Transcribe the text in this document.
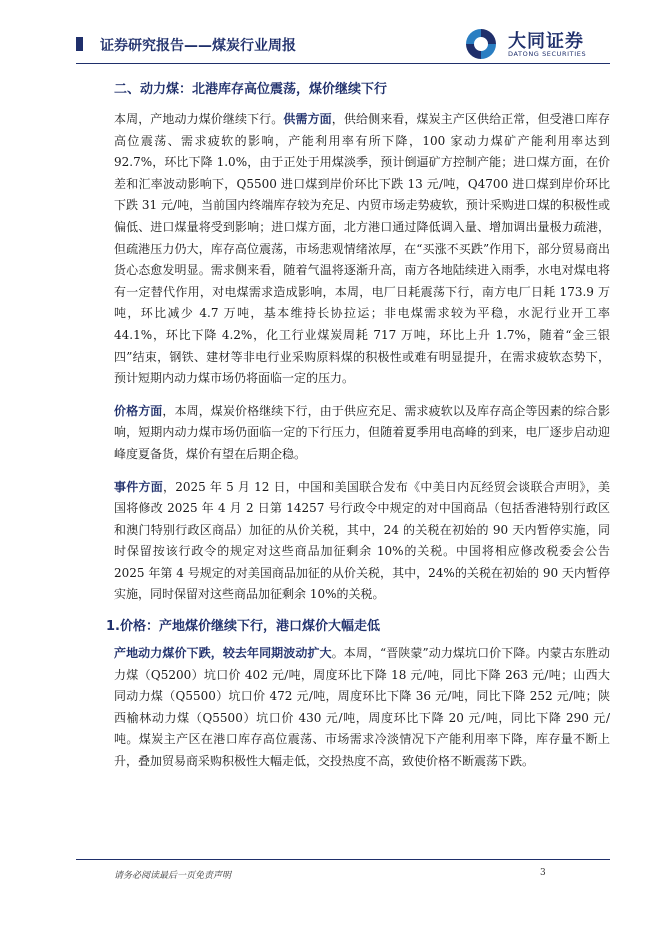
证券研究报告——煤炭行业周报	大同证券
DATONG SECURITIES
二、动力煤：北港库存高位震荡，煤价继续下行

本周，产地动力煤价继续下行。供需方面，供给侧来看，煤炭主产区供给正常，但受港口库存高位震荡、需求疲软的影响，产能利用率有所下降，100 家动力煤矿产能利用率达到 92.7%，环比下降 1.0%，由于正处于用煤淡季，预计倒逼矿方控制产能；进口煤方面，在价差和汇率波动影响下，Q5500 进口煤到岸价环比下跌 13 元/吨，Q4700 进口煤到岸价环比下跌 31 元/吨，当前国内终端库存较为充足、内贸市场走势疲软，预计采购进口煤的积极性或偏低、进口煤量将受到影响；进口煤方面，北方港口通过降低调入量、增加调出量极力疏港，但疏港压力仍大，库存高位震荡，市场悲观情绪浓厚，在“买涨不买跌”作用下，部分贸易商出货心态愈发明显。需求侧来看，随着气温将逐渐升高，南方各地陆续进入雨季，水电对煤电将有一定替代作用，对电煤需求造成影响，本周，电厂日耗震荡下行，南方电厂日耗 173.9 万吨，环比减少 4.7 万吨，基本维持长协拉运；非电煤需求较为平稳，水泥行业开工率 44.1%，环比下降 4.2%，化工行业煤炭周耗 717 万吨，环比上升 1.7%，随着“金三银四”结束，钢铁、建材等非电行业采购原料煤的积极性或难有明显提升，在需求疲软态势下，预计短期内动力煤市场仍将面临一定的压力。

价格方面，本周，煤炭价格继续下行，由于供应充足、需求疲软以及库存高企等因素的综合影响，短期内动力煤市场仍面临一定的下行压力，但随着夏季用电高峰的到来，电厂逐步启动迎峰度夏备货，煤价有望在后期企稳。

事件方面，2025 年 5 月 12 日，中国和美国联合发布《中美日内瓦经贸会谈联合声明》，美国将修改 2025 年 4 月 2 日第 14257 号行政令中规定的对中国商品（包括香港特别行政区和澳门特别行政区商品）加征的从价关税，其中，24 的关税在初始的 90 天内暂停实施，同时保留按该行政令的规定对这些商品加征剩余 10%的关税。中国将相应修改税委会公告 2025 年第 4 号规定的对美国商品加征的从价关税，其中，24%的关税在初始的 90 天内暂停实施，同时保留对这些商品加征剩余 10%的关税。

1.价格：产地煤价继续下行，港口煤价大幅走低

产地动力煤价下跌，较去年同期波动扩大。本周，“晋陕蒙”动力煤坑口价下降。内蒙古东胜动力煤（Q5200）坑口价 402 元/吨，周度环比下降 18 元/吨，同比下降 263 元/吨；山西大同动力煤（Q5500）坑口价 472 元/吨，周度环比下降 36 元/吨，同比下降 252 元/吨；陕西榆林动力煤（Q5500）坑口价 430 元/吨，周度环比下降 20 元/吨，同比下降 290 元/吨。煤炭主产区在港口库存高位震荡、市场需求冷淡情况下产能利用率下降，库存量不断上升，叠加贸易商采购积极性大幅走低，交投热度不高，致使价格不断震荡下跌。

请务必阅读最后一页免责声明	3
